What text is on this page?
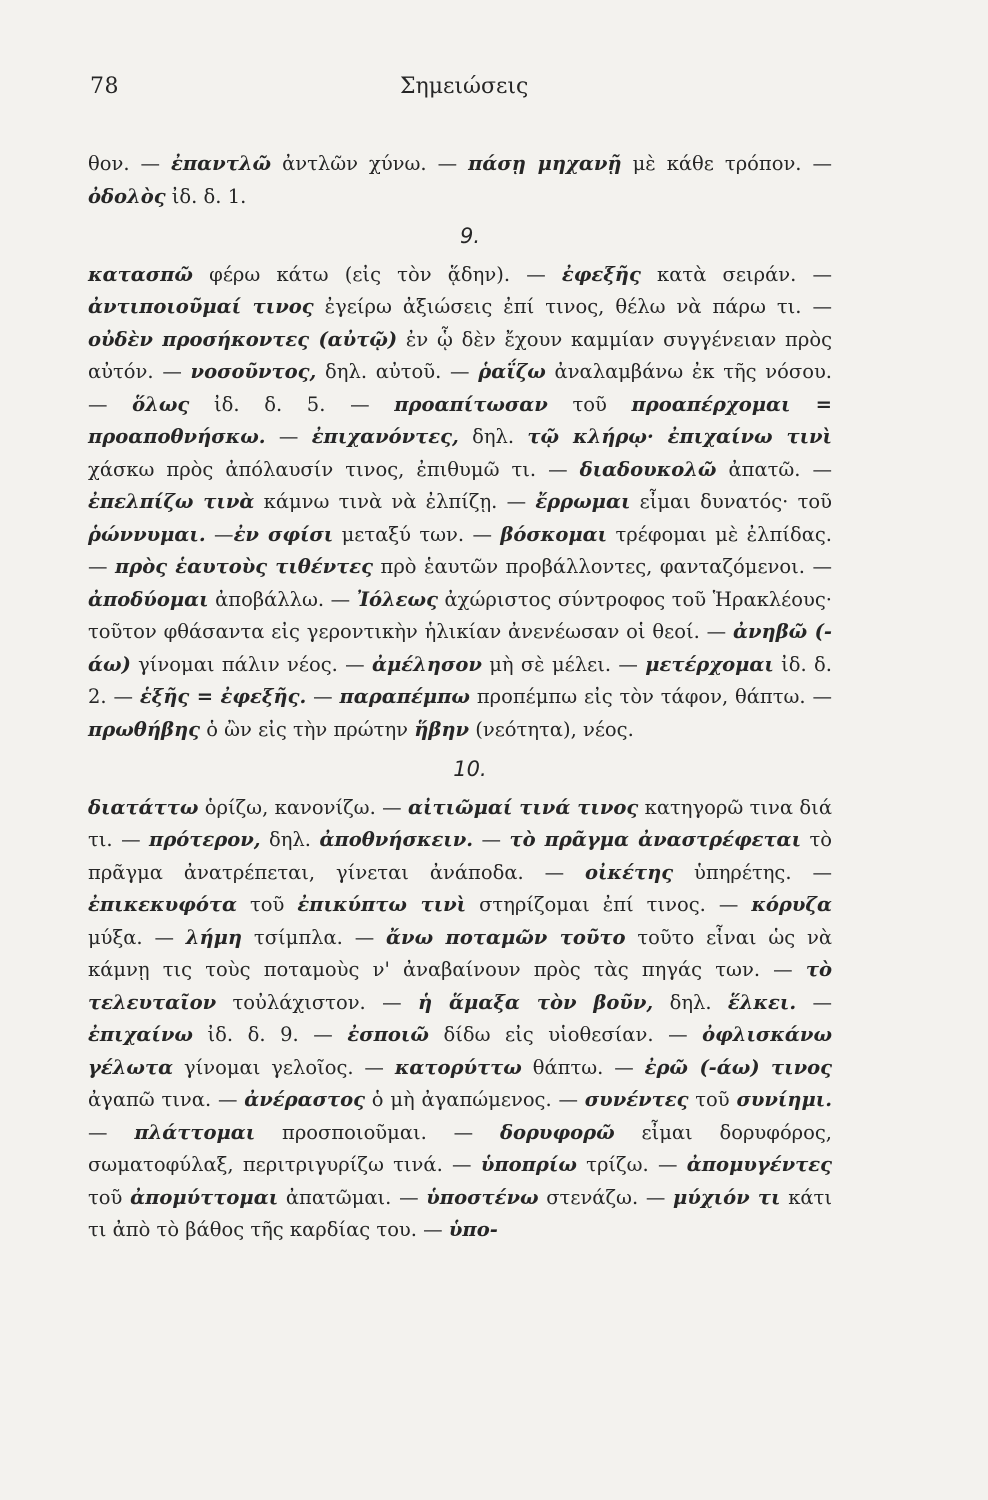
78	Σημειώσεις

θον. — ἐπαντλῶ ἀντλῶν χύνω. — πάσῃ μηχανῇ μὲ κάθε τρόπον. —ὀδολὸς ἰδ. δ. 1.

9.

κατασπῶ φέρω κάτω (εἰς τὸν ᾅδην). — ἐφεξῆς κατὰ σειράν. — ἀντιποιοῦμαί τινος ἐγείρω ἀξιώσεις ἐπί τινος, θέλω νὰ πάρω τι. — οὐδὲν προσήκοντες (αὐτῷ) ἐν ᾧ δὲν ἔχουν καμμίαν συγγένειαν πρὸς αὐτόν. — νοσοῦντος, δηλ. αὐτοῦ. — ῥαΐζω ἀναλαμβάνω ἐκ τῆς νόσου. — ὅλως ἰδ. δ. 5. — προαπίτωσαν τοῦ προαπέρχομαι = προαποθνήσκω. — ἐπιχανόντες, δηλ. τῷ κλήρῳ· ἐπιχαίνω τινὶ χάσκω πρὸς ἀπόλαυσίν τινος, ἐπιθυμῶ τι. — διαδουκολῶ ἀπατῶ. — ἐπελπίζω τινὰ κάμνω τινὰ νὰ ἐλπίζῃ. — ἔρρωμαι εἶμαι δυνατός· τοῦ ῥώννυμαι. —ἐν σφίσι μεταξύ των. — βόσκομαι τρέφομαι μὲ ἐλπίδας. — πρὸς ἑαυτοὺς τιθέντες πρὸ ἑαυτῶν προβάλλοντες, φανταζόμενοι. — ἀποδύομαι ἀποβάλλω. — Ἰόλεως ἀχώριστος σύντροφος τοῦ Ἡρακλέους· τοῦτον φθάσαντα εἰς γεροντικὴν ἡλικίαν ἀνενέωσαν οἱ θεοί. — ἀνηβῶ (-άω) γίνομαι πάλιν νέος. — ἀμέλησον μὴ σὲ μέλει. — μετέρχομαι ἰδ. δ. 2. — ἑξῆς = ἐφεξῆς. — παραπέμπω προπέμπω εἰς τὸν τάφον, θάπτω. — πρωθήβης ὁ ὢν εἰς τὴν πρώτην ἥβην (νεότητα), νέος.

10.

διατάττω ὁρίζω, κανονίζω. — αἰτιῶμαί τινά τινος κατηγορῶ τινα διά τι. — πρότερον, δηλ. ἀποθνήσκειν. — τὸ πρᾶγμα ἀναστρέφεται τὸ πρᾶγμα ἀνατρέπεται, γίνεται ἀνάποδα. — οἰκέτης ὑπηρέτης. — ἐπικεκυφότα τοῦ ἐπικύπτω τινὶ στηρίζομαι ἐπί τινος. — κόρυζα μύξα. — λήμη τσίμπλα. — ἄνω ποταμῶν τοῦτο τοῦτο εἶναι ὡς νὰ κάμνῃ τις τοὺς ποταμοὺς ν' ἀναβαίνουν πρὸς τὰς πηγάς των. — τὸ τελευταῖον τοὐλάχιστον. — ἡ ἅμαξα τὸν βοῦν, δηλ. ἕλκει. — ἐπιχαίνω ἰδ. δ. 9. — ἐσποιῶ δίδω εἰς υἱοθεσίαν. — ὀφλισκάνω γέλωτα γίνομαι γελοῖος. — κατορύττω θάπτω. — ἐρῶ (-άω) τινος ἀγαπῶ τινα. — ἀνέραστος ὁ μὴ ἀγαπώμενος. — συνέντες τοῦ συνίημι. — πλάττομαι προσποιοῦμαι. — δορυφορῶ εἶμαι δορυφόρος, σωματοφύλαξ, περιτριγυρίζω τινά. — ὑποπρίω τρίζω. — ἀπομυγέντες τοῦ ἀπομύττομαι ἀπατῶμαι. — ὑποστένω στενάζω. — μύχιόν τι κάτι τι ἀπὸ τὸ βάθος τῆς καρδίας του. — ὑπο-
